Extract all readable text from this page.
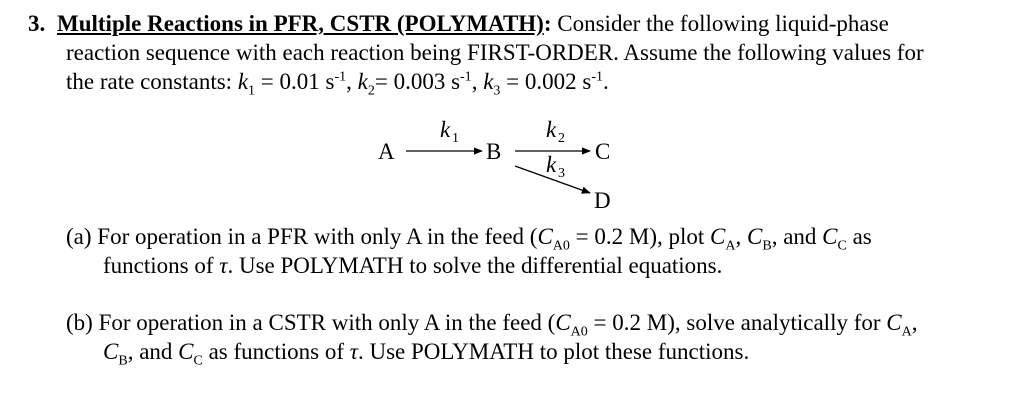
3. Multiple Reactions in PFR, CSTR (POLYMATH): Consider the following liquid-phase
reaction sequence with each reaction being FIRST-ORDER. Assume the following values for
the rate constants: $k_1 = 0.01$ $s^{-1}$, $k_2= 0.003$ $s^{-1}$, $k_3 = 0.002$ $s^{-1}$.
A
k 1
B
k 2
C
k 3
D
(a) For operation in a PFR with only A in the feed ($C_{A0} = 0.2$ M), plot $C_A$, $C_B$, and $C_C$ as
functions of τ. Use POLYMATH to solve the differential equations.
(b) For operation in a CSTR with only A in the feed ($C_{A0} = 0.2$ M), solve analytically for $C_A$,
$C_B$, and $C_C$ as functions of τ. Use POLYMATH to plot these functions.
